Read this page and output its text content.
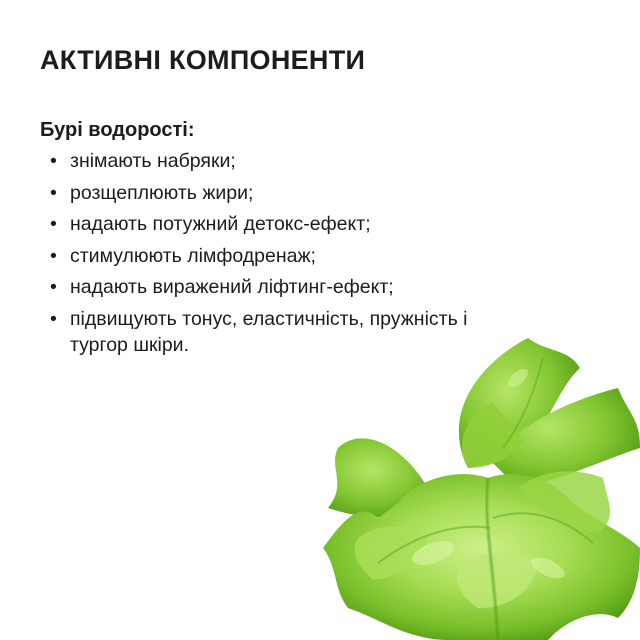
АКТИВНІ КОМПОНЕНТИ
Бурі водорості:
• знімають набряки;
• розщеплюють жири;
• надають потужний детокс-ефект;
• стимулюють лімфодренаж;
• надають виражений ліфтинг-ефект;
• підвищують тонус, еластичність, пружність і тургор шкіри.
